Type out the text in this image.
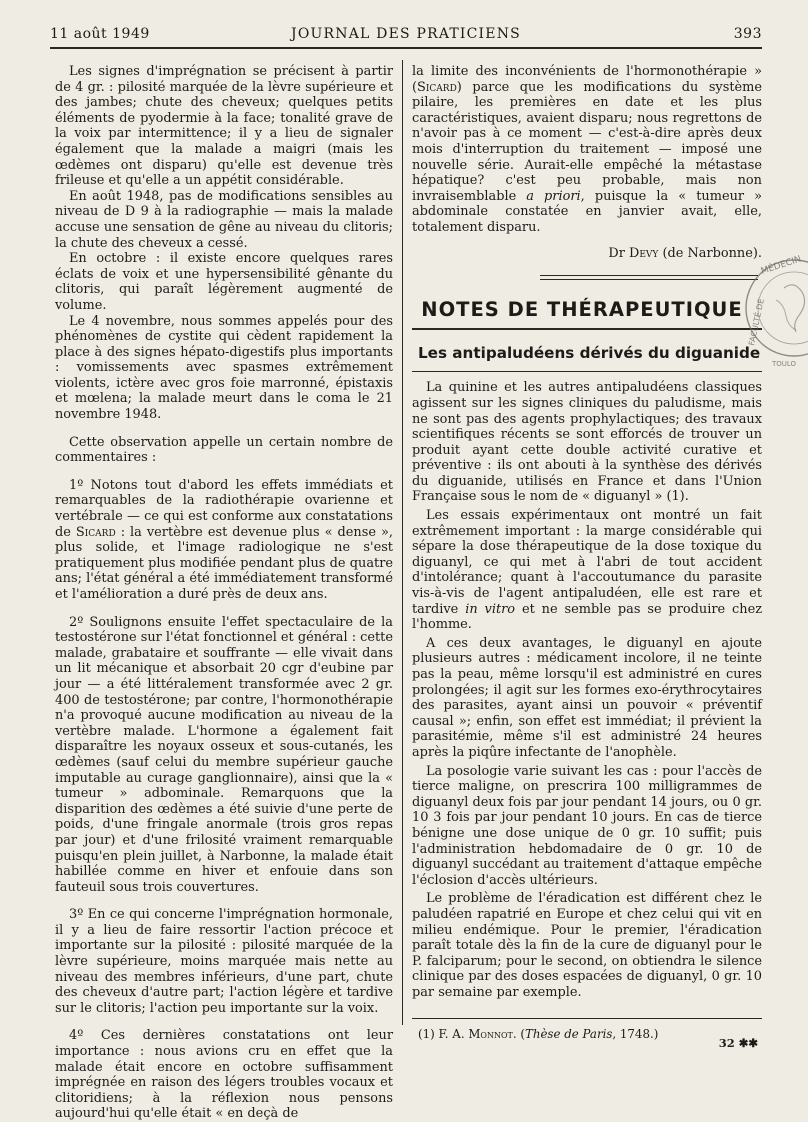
11 août 1949	JOURNAL DES PRATICIENS	393

Les signes d'imprégnation se précisent à partir de 4 gr. : pilosité marquée de la lèvre supérieure et des jambes; chute des cheveux; quelques petits éléments de pyodermie à la face; tonalité grave de la voix par intermittence; il y a lieu de signaler également que la malade a maigri (mais les œdèmes ont disparu) qu'elle est devenue très frileuse et qu'elle a un appétit considérable.

En août 1948, pas de modifications sensibles au niveau de D 9 à la radiographie — mais la malade accuse une sensation de gêne au niveau du clitoris; la chute des cheveux a cessé.

En octobre : il existe encore quelques rares éclats de voix et une hypersensibilité gênante du clitoris, qui paraît légèrement augmenté de volume.

Le 4 novembre, nous sommes appelés pour des phénomènes de cystite qui cèdent rapidement la place à des signes hépato-digestifs plus importants : vomissements avec spasmes extrêmement violents, ictère avec gros foie marronné, épistaxis et mœlena; la malade meurt dans le coma le 21 novembre 1948.

Cette observation appelle un certain nombre de commentaires :

1º Notons tout d'abord les effets immédiats et remarquables de la radiothérapie ovarienne et vertébrale — ce qui est conforme aux constatations de Sicard : la vertèbre est devenue plus « dense », plus solide, et l'image radiologique ne s'est pratiquement plus modifiée pendant plus de quatre ans; l'état général a été immédiatement transformé et l'amélioration a duré près de deux ans.

2º Soulignons ensuite l'effet spectaculaire de la testostérone sur l'état fonctionnel et général : cette malade, grabataire et souffrante — elle vivait dans un lit mécanique et absorbait 20 cgr d'eubine par jour — a été littéralement transformée avec 2 gr. 400 de testostérone; par contre, l'hormonothérapie n'a provoqué aucune modification au niveau de la vertèbre malade. L'hormone a également fait disparaître les noyaux osseux et sous-cutanés, les œdèmes (sauf celui du membre supérieur gauche imputable au curage ganglionnaire), ainsi que la « tumeur » adbominale. Remarquons que la disparition des œdèmes a été suivie d'une perte de poids, d'une fringale anormale (trois gros repas par jour) et d'une frilosité vraiment remarquable puisqu'en plein juillet, à Narbonne, la malade était habillée comme en hiver et enfouie dans son fauteuil sous trois couvertures.

3º En ce qui concerne l'imprégnation hormonale, il y a lieu de faire ressortir l'action précoce et importante sur la pilosité : pilosité marquée de la lèvre supérieure, moins marquée mais nette au niveau des membres inférieurs, d'une part, chute des cheveux d'autre part; l'action légère et tardive sur le clitoris; l'action peu importante sur la voix.

4º Ces dernières constatations ont leur importance : nous avions cru en effet que la malade était encore en octobre suffisamment imprégnée en raison des légers troubles vocaux et clitoridiens; à la réflexion nous pensons aujourd'hui qu'elle était « en deçà de

la limite des inconvénients de l'hormonothérapie » (Sicard) parce que les modifications du système pilaire, les premières en date et les plus caractéristiques, avaient disparu; nous regrettons de n'avoir pas à ce moment — c'est-à-dire après deux mois d'interruption du traitement — imposé une nouvelle série. Aurait-elle empêché la métastase hépatique? c'est peu probable, mais non invraisemblable a priori, puisque la « tumeur » abdominale constatée en janvier avait, elle, totalement disparu.

Dr Devy (de Narbonne).

NOTES DE THÉRAPEUTIQUE

Les antipaludéens dérivés du diguanide

La quinine et les autres antipaludéens classiques agissent sur les signes cliniques du paludisme, mais ne sont pas des agents prophylactiques; des travaux scientifiques récents se sont efforcés de trouver un produit ayant cette double activité curative et préventive : ils ont abouti à la synthèse des dérivés du diguanide, utilisés en France et dans l'Union Française sous le nom de « diguanyl » (1).

Les essais expérimentaux ont montré un fait extrêmement important : la marge considérable qui sépare la dose thérapeutique de la dose toxique du diguanyl, ce qui met à l'abri de tout accident d'intolérance; quant à l'accoutumance du parasite vis-à-vis de l'agent antipaludéen, elle est rare et tardive in vitro et ne semble pas se produire chez l'homme.

A ces deux avantages, le diguanyl en ajoute plusieurs autres : médicament incolore, il ne teinte pas la peau, même lorsqu'il est administré en cures prolongées; il agit sur les formes exo-érythrocytaires des parasites, ayant ainsi un pouvoir « préventif causal »; enfin, son effet est immédiat; il prévient la parasitémie, même s'il est administré 24 heures après la piqûre infectante de l'anophèle.

La posologie varie suivant les cas : pour l'accès de tierce maligne, on prescrira 100 milligrammes de diguanyl deux fois par jour pendant 14 jours, ou 0 gr. 10 3 fois par jour pendant 10 jours. En cas de tierce bénigne une dose unique de 0 gr. 10 suffit; puis l'administration hebdomadaire de 0 gr. 10 de diguanyl succédant au traitement d'attaque empêche l'éclosion d'accès ultérieurs.

Le problème de l'éradication est différent chez le paludéen rapatrié en Europe et chez celui qui vit en milieu endémique. Pour le premier, l'éradication paraît totale dès la fin de la cure de diguanyl pour le P. falciparum; pour le second, on obtiendra le silence clinique par des doses espacées de diguanyl, 0 gr. 10 par semaine par exemple.

(1) F. A. Monnot. (Thèse de Paris, 1748.)

MÉDECIN
FACULTÉ DE
TOULO
32 ✱✱
